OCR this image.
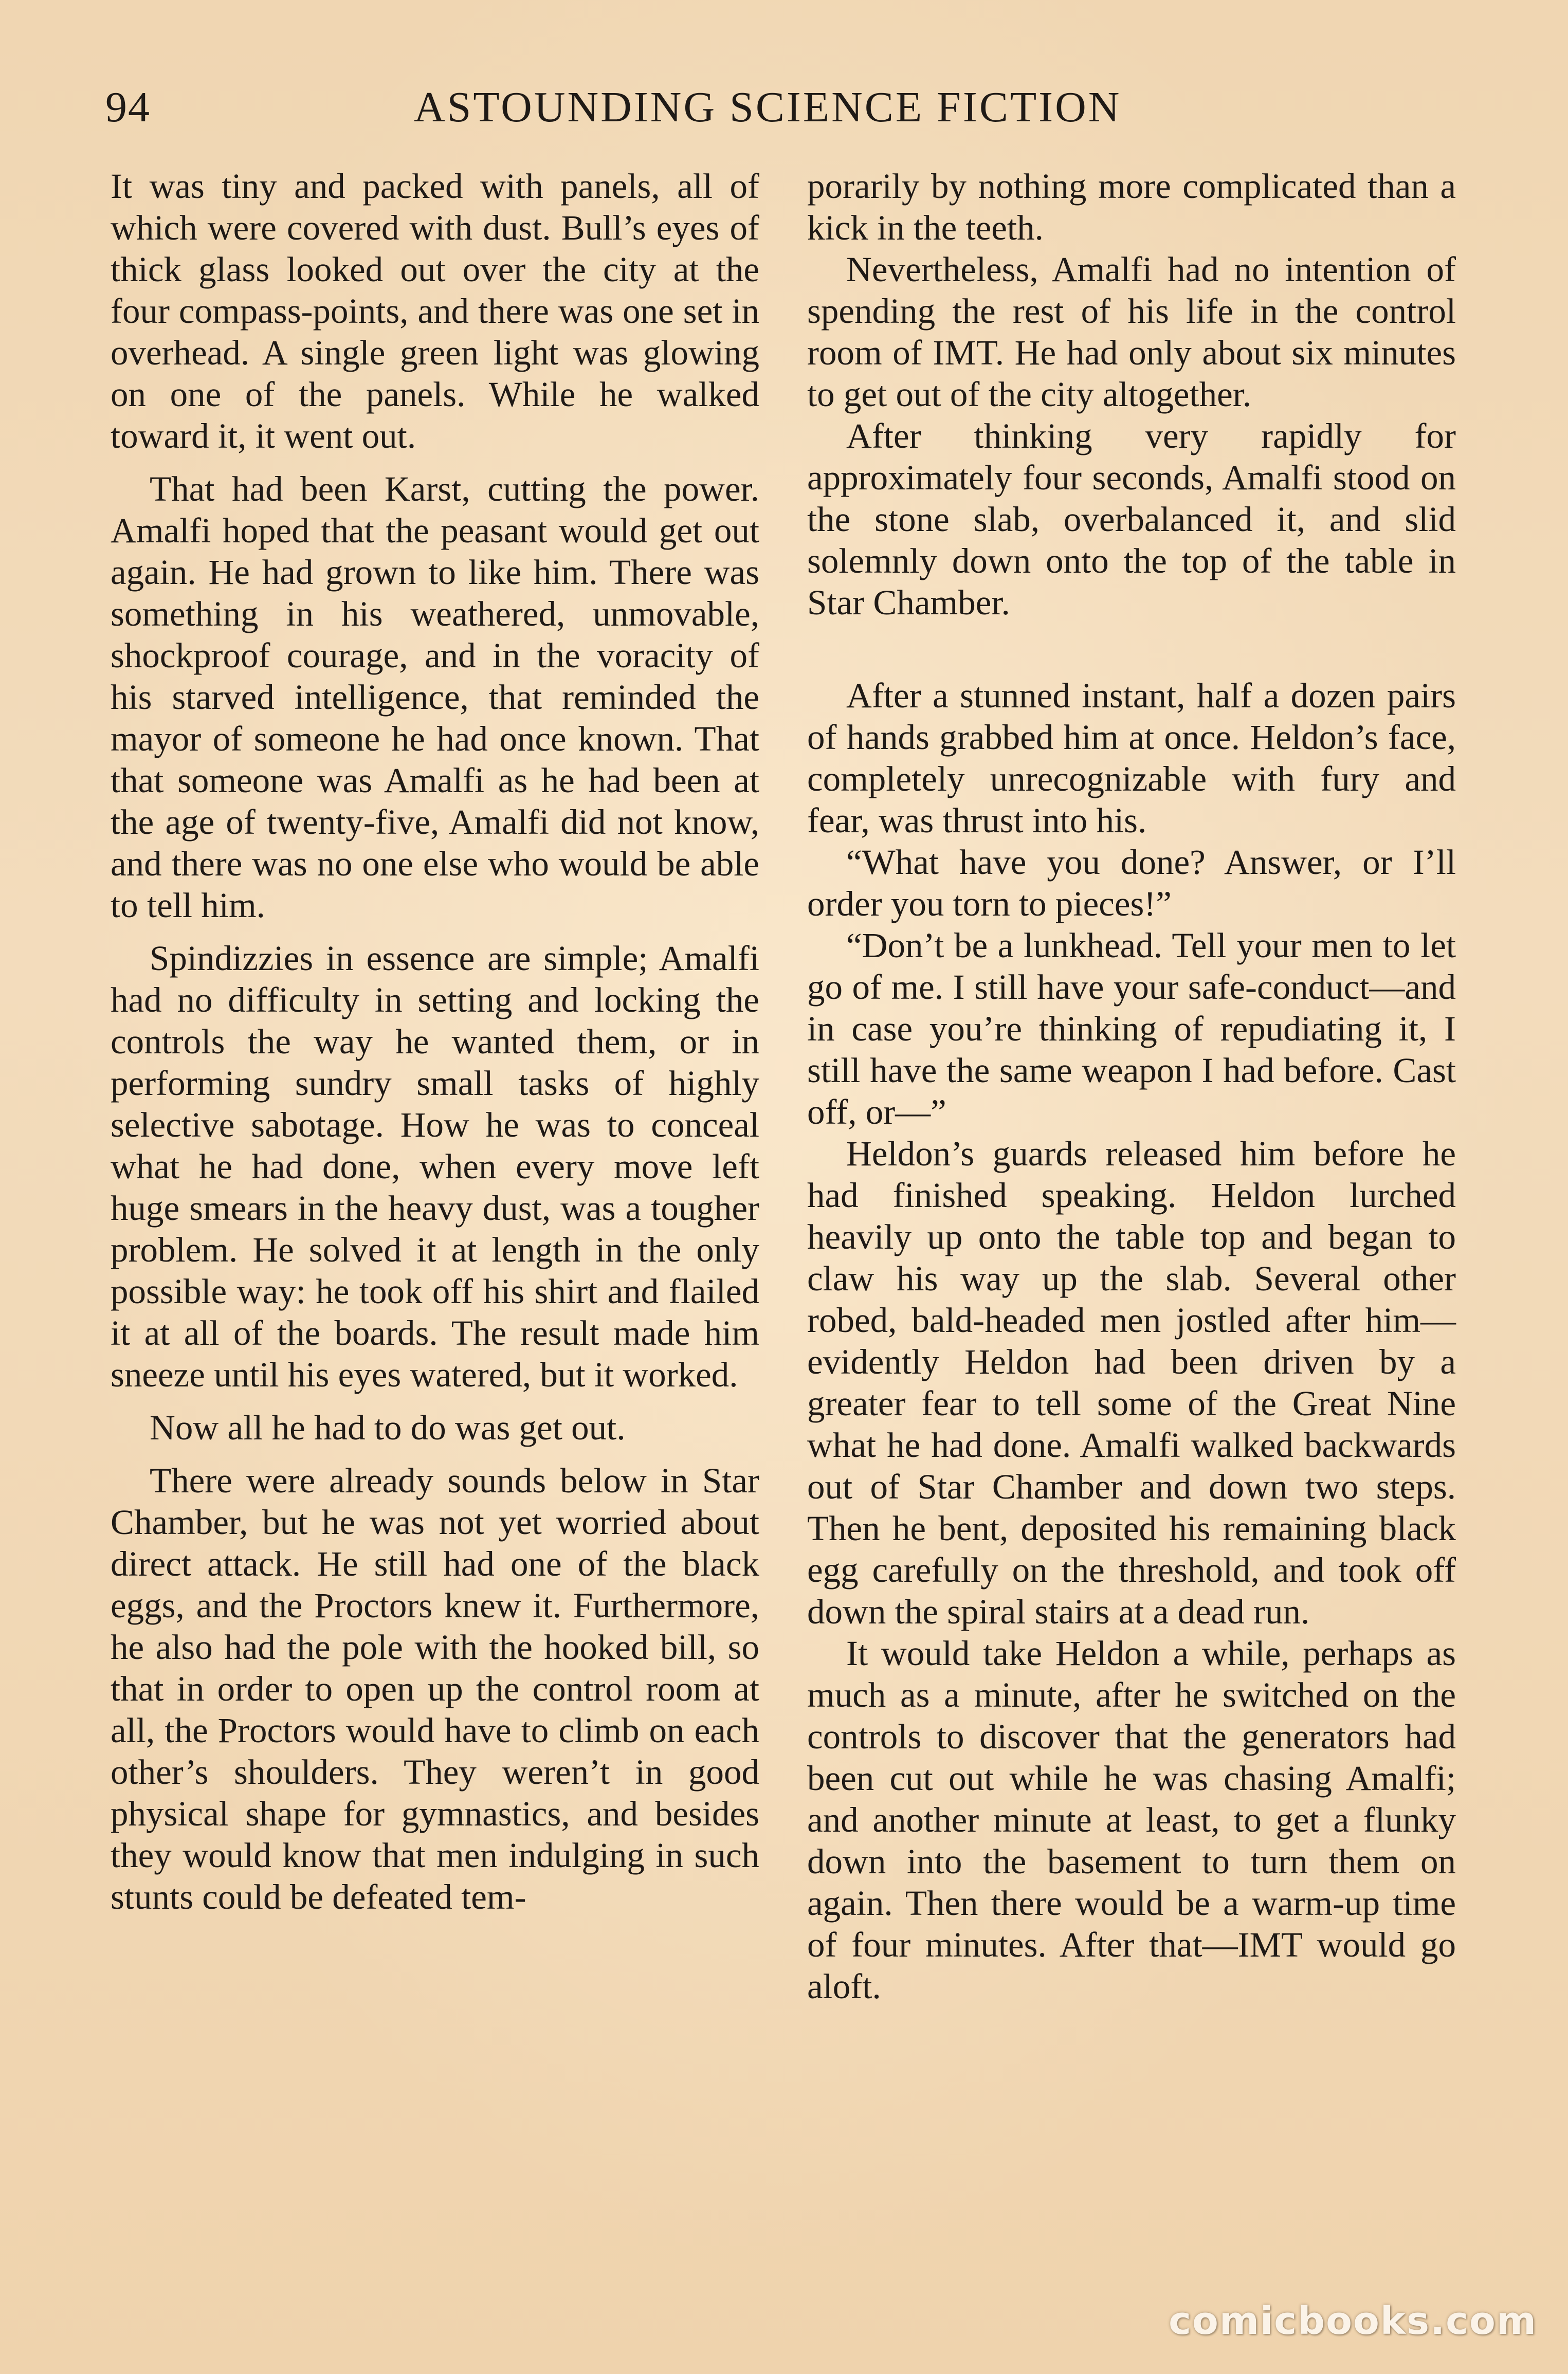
94	ASTOUNDING SCIENCE FICTION

It was tiny and packed with panels, all of which were covered with dust. Bull’s eyes of thick glass looked out over the city at the four compass-points, and there was one set in overhead. A single green light was glowing on one of the panels. While he walked toward it, it went out.

That had been Karst, cutting the power. Amalfi hoped that the peasant would get out again. He had grown to like him. There was something in his weathered, unmovable, shockproof courage, and in the voracity of his starved intelligence, that reminded the mayor of someone he had once known. That that someone was Amalfi as he had been at the age of twenty-five, Amalfi did not know, and there was no one else who would be able to tell him.

Spindizzies in essence are simple; Amalfi had no difficulty in setting and locking the controls the way he wanted them, or in performing sundry small tasks of highly selective sabotage. How he was to conceal what he had done, when every move left huge smears in the heavy dust, was a tougher problem. He solved it at length in the only possible way: he took off his shirt and flailed it at all of the boards. The result made him sneeze until his eyes watered, but it worked.

Now all he had to do was get out.

There were already sounds below in Star Chamber, but he was not yet worried about direct attack. He still had one of the black eggs, and the Proctors knew it. Furthermore, he also had the pole with the hooked bill, so that in order to open up the control room at all, the Proctors would have to climb on each other’s shoulders. They weren’t in good physical shape for gymnastics, and besides they would know that men indulging in such stunts could be defeated tem-

porarily by nothing more complicated than a kick in the teeth.

Nevertheless, Amalfi had no intention of spending the rest of his life in the control room of IMT. He had only about six minutes to get out of the city altogether.

After thinking very rapidly for approximately four seconds, Amalfi stood on the stone slab, overbalanced it, and slid solemnly down onto the top of the table in Star Chamber.

After a stunned instant, half a dozen pairs of hands grabbed him at once. Heldon’s face, completely unrecognizable with fury and fear, was thrust into his.

“What have you done? Answer, or I’ll order you torn to pieces!”

“Don’t be a lunkhead. Tell your men to let go of me. I still have your safe-conduct—and in case you’re thinking of repudiating it, I still have the same weapon I had before. Cast off, or—”

Heldon’s guards released him before he had finished speaking. Heldon lurched heavily up onto the table top and began to claw his way up the slab. Several other robed, bald-headed men jostled after him—evidently Heldon had been driven by a greater fear to tell some of the Great Nine what he had done. Amalfi walked backwards out of Star Chamber and down two steps. Then he bent, deposited his remaining black egg carefully on the threshold, and took off down the spiral stairs at a dead run.

It would take Heldon a while, perhaps as much as a minute, after he switched on the controls to discover that the generators had been cut out while he was chasing Amalfi; and another minute at least, to get a flunky down into the basement to turn them on again. Then there would be a warm-up time of four minutes. After that—IMT would go aloft.

comicbooks.com
